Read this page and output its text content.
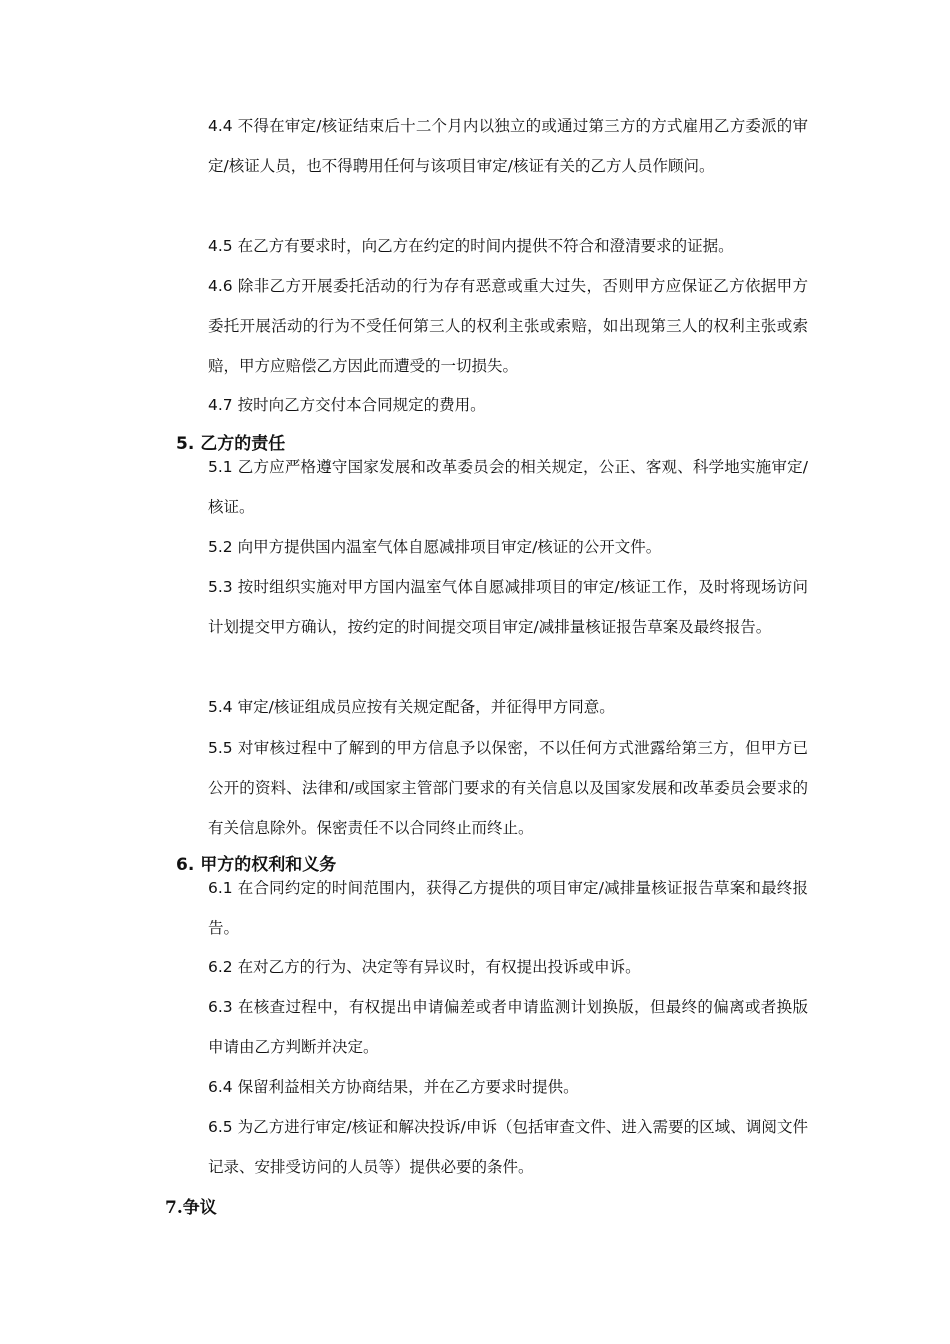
4.4 不得在审定/核证结束后十二个月内以独立的或通过第三方的方式雇用乙方委派的审定/核证人员，也不得聘用任何与该项目审定/核证有关的乙方人员作顾问。

4.5 在乙方有要求时，向乙方在约定的时间内提供不符合和澄清要求的证据。

4.6 除非乙方开展委托活动的行为存有恶意或重大过失，否则甲方应保证乙方依据甲方委托开展活动的行为不受任何第三人的权利主张或索赔，如出现第三人的权利主张或索赔，甲方应赔偿乙方因此而遭受的一切损失。

4.7 按时向乙方交付本合同规定的费用。

5. 乙方的责任

5.1 乙方应严格遵守国家发展和改革委员会的相关规定，公正、客观、科学地实施审定/核证。

5.2 向甲方提供国内温室气体自愿减排项目审定/核证的公开文件。

5.3 按时组织实施对甲方国内温室气体自愿减排项目的审定/核证工作，及时将现场访问计划提交甲方确认，按约定的时间提交项目审定/减排量核证报告草案及最终报告。

5.4 审定/核证组成员应按有关规定配备，并征得甲方同意。

5.5 对审核过程中了解到的甲方信息予以保密，不以任何方式泄露给第三方，但甲方已公开的资料、法律和/或国家主管部门要求的有关信息以及国家发展和改革委员会要求的有关信息除外。保密责任不以合同终止而终止。

6. 甲方的权利和义务

6.1 在合同约定的时间范围内，获得乙方提供的项目审定/减排量核证报告草案和最终报告。

6.2 在对乙方的行为、决定等有异议时，有权提出投诉或申诉。

6.3 在核查过程中，有权提出申请偏差或者申请监测计划换版，但最终的偏离或者换版申请由乙方判断并决定。

6.4 保留利益相关方协商结果，并在乙方要求时提供。

6.5 为乙方进行审定/核证和解决投诉/申诉（包括审查文件、进入需要的区域、调阅文件记录、安排受访问的人员等）提供必要的条件。

7.争议
